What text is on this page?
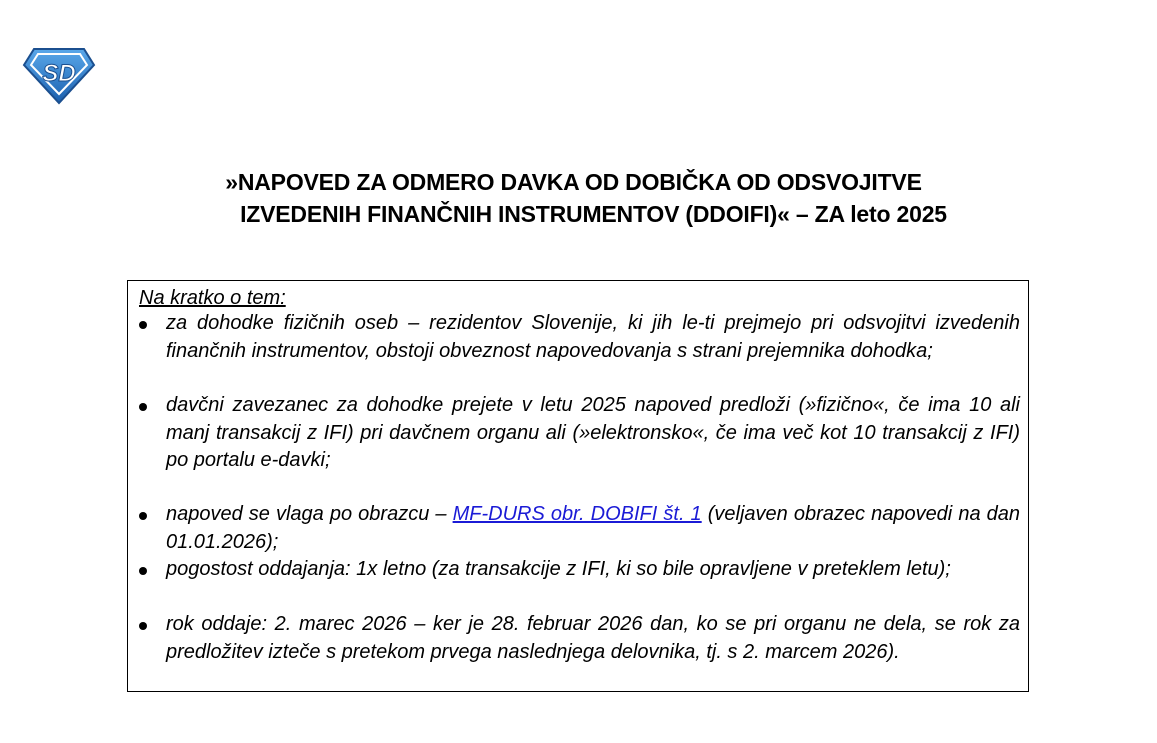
SD
»NAPOVED ZA ODMERO DAVKA OD DOBIČKA OD ODSVOJITVE
IZVEDENIH FINANČNIH INSTRUMENTOV (DDOIFI)« – ZA leto 2025
Na kratko o tem:
za dohodke fizičnih oseb – rezidentov Slovenije, ki jih le-ti prejmejo pri odsvojitvi izvedenih finančnih instrumentov, obstoji obveznost napovedovanja s strani prejemnika dohodka;
davčni zavezanec za dohodke prejete v letu 2025 napoved predloži (»fizično«, če ima 10 ali manj transakcij z IFI) pri davčnem organu ali (»elektronsko«, če ima več kot 10 transakcij z IFI) po portalu e-davki;
napoved se vlaga po obrazcu – MF-DURS obr. DOBIFI št. 1 (veljaven obrazec napovedi na dan 01.01.2026);
pogostost oddajanja: 1x letno (za transakcije z IFI, ki so bile opravljene v preteklem letu);
rok oddaje: 2. marec 2026 – ker je 28. februar 2026 dan, ko se pri organu ne dela, se rok za predložitev izteče s pretekom prvega naslednjega delovnika, tj. s 2. marcem 2026).
